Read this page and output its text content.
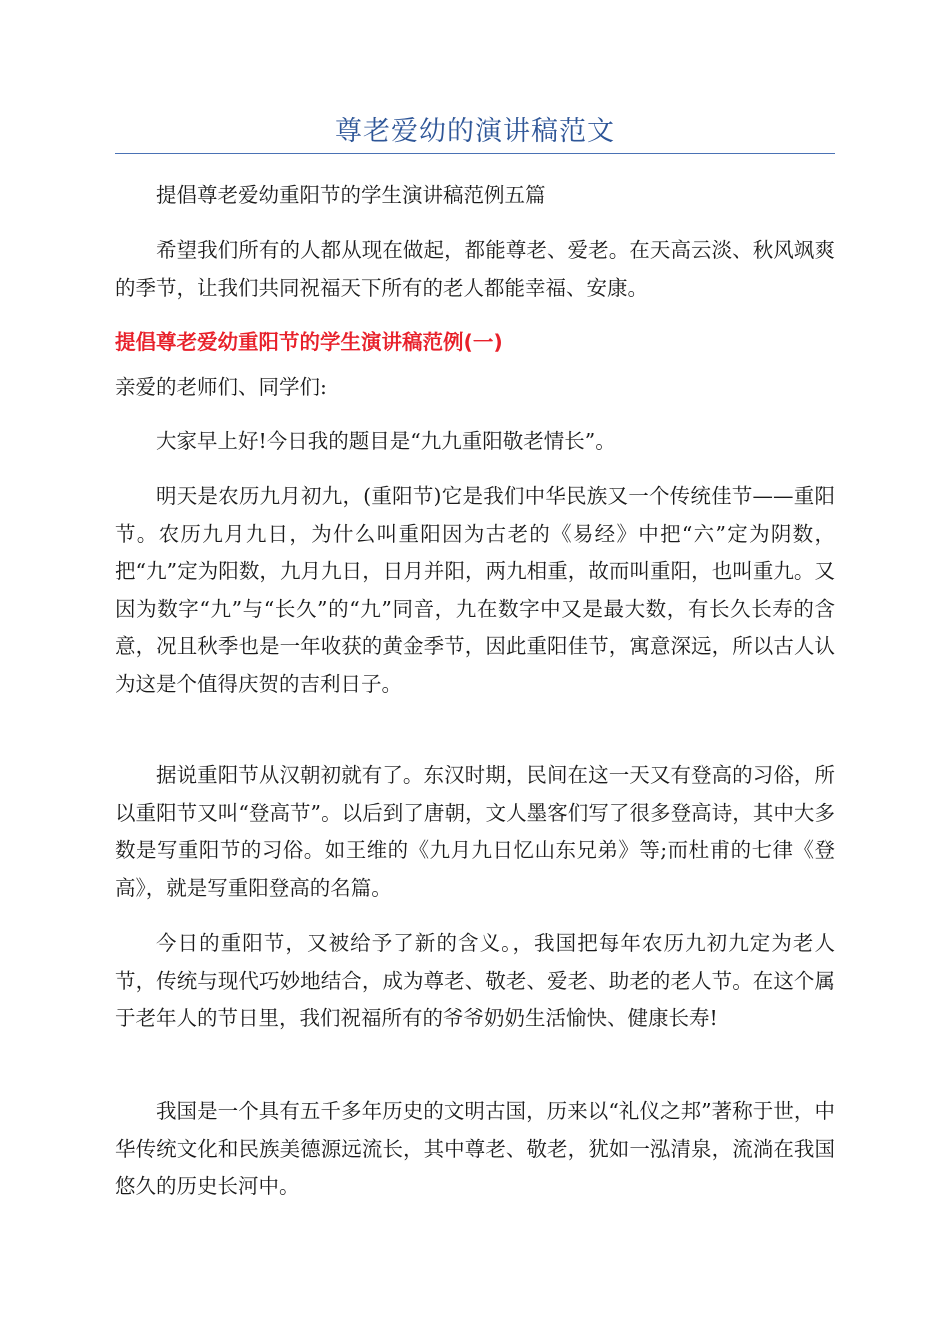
尊老爱幼的演讲稿范文

提倡尊老爱幼重阳节的学生演讲稿范例五篇

希望我们所有的人都从现在做起，都能尊老、爱老。在天高云淡、秋风飒爽的季节，让我们共同祝福天下所有的老人都能幸福、安康。

提倡尊老爱幼重阳节的学生演讲稿范例(一)

亲爱的老师们、同学们:

大家早上好!今日我的题目是“九九重阳敬老情长”。

明天是农历九月初九，(重阳节)它是我们中华民族又一个传统佳节——重阳节。农历九月九日，为什么叫重阳因为古老的《易经》中把“六”定为阴数，把“九”定为阳数，九月九日，日月并阳，两九相重，故而叫重阳，也叫重九。又因为数字“九”与“长久”的“九”同音，九在数字中又是最大数，有长久长寿的含意，况且秋季也是一年收获的黄金季节，因此重阳佳节，寓意深远，所以古人认为这是个值得庆贺的吉利日子。

据说重阳节从汉朝初就有了。东汉时期，民间在这一天又有登高的习俗，所以重阳节又叫“登高节”。以后到了唐朝，文人墨客们写了很多登高诗，其中大多数是写重阳节的习俗。如王维的《九月九日忆山东兄弟》等;而杜甫的七律《登高》，就是写重阳登高的名篇。

今日的重阳节，又被给予了新的含义。，我国把每年农历九初九定为老人节，传统与现代巧妙地结合，成为尊老、敬老、爱老、助老的老人节。在这个属于老年人的节日里，我们祝福所有的爷爷奶奶生活愉快、健康长寿!

我国是一个具有五千多年历史的文明古国，历来以“礼仪之邦”著称于世，中华传统文化和民族美德源远流长，其中尊老、敬老，犹如一泓清泉，流淌在我国悠久的历史长河中。
